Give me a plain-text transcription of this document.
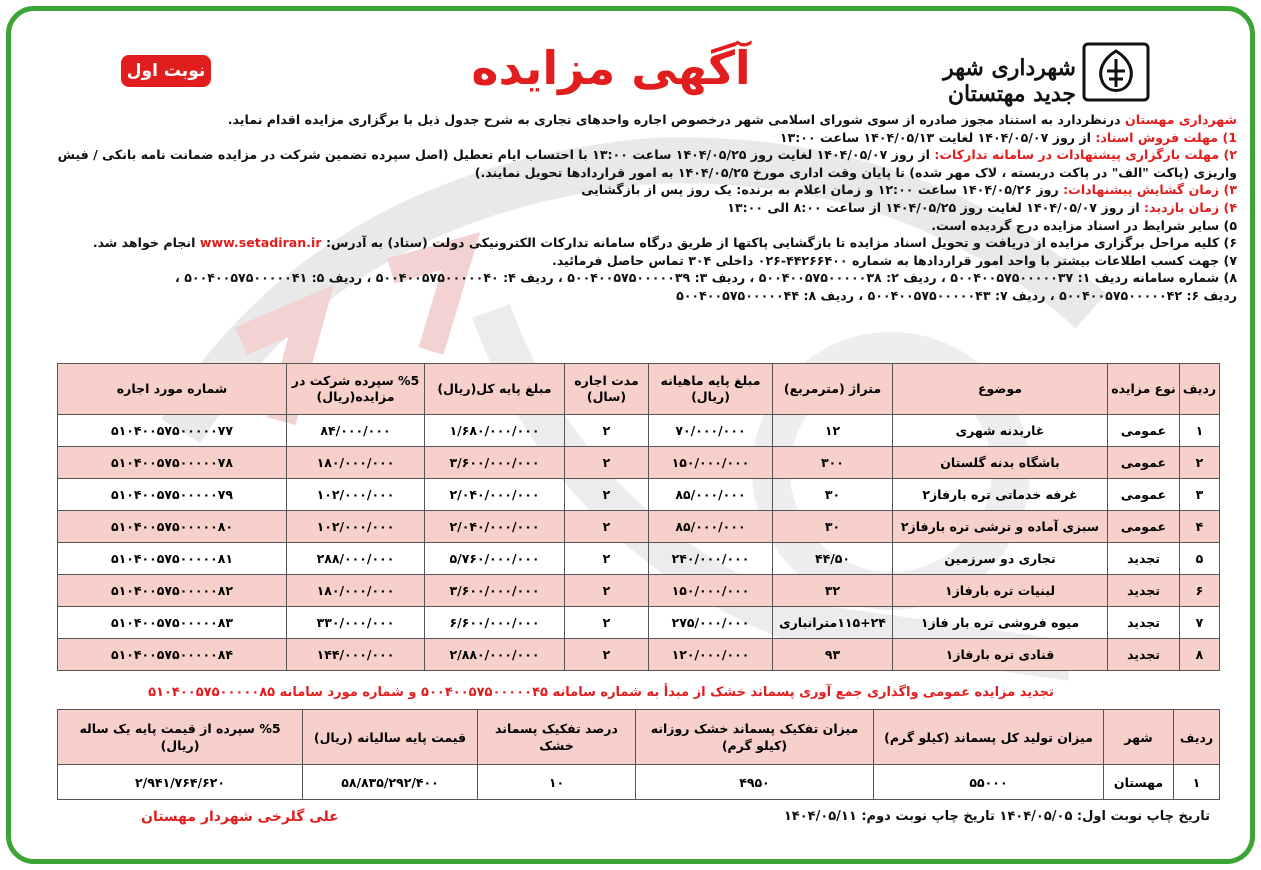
نوبت اول	آگهی مزایده	شهرداری شهر جدید مهتستان

شهرداری مهستان درنظردارد به استناد مجوز صادره از سوی شورای اسلامی شهر درخصوص اجاره واحدهای تجاری به شرح جدول ذیل با برگزاری مزایده اقدام نماید.

1) مهلت فروش اسناد: از روز ۱۴۰۴/۰۵/۰۷ لغایت ۱۴۰۴/۰۵/۱۳ ساعت ۱۳:۰۰

۲) مهلت بارگزاری پیشنهادات در سامانه تدارکات: از روز ۱۴۰۴/۰۵/۰۷ لغایت روز ۱۴۰۴/۰۵/۲۵ ساعت ۱۳:۰۰ با احتساب ایام تعطیل (اصل سپرده تضمین شرکت در مزایده ضمانت نامه بانکی / فیش

واریزی (پاکت "الف" در پاکت دربسته ، لاک مهر شده) تا پایان وقت اداری مورخ ۱۴۰۴/۰۵/۲۵ به امور قراردادها تحویل نمایند.)

۳) زمان گشایش پیشنهادات: روز ۱۴۰۴/۰۵/۲۶ ساعت ۱۲:۰۰ و زمان اعلام به برنده: یک روز پس از بازگشایی

۴) زمان بازدید: از روز ۱۴۰۴/۰۵/۰۷ لغایت روز ۱۴۰۴/۰۵/۲۵ از ساعت ۸:۰۰ الی ۱۳:۰۰

۵) سایر شرایط در اسناد مزایده درج گردیده است.

۶) کلیه مراحل برگزاری مزایده از دریافت و تحویل اسناد مزایده تا بازگشایی پاکتها از طریق درگاه سامانه تدارکات الکترونیکی دولت (ستاد) به آدرس: www.setadiran.ir انجام خواهد شد.

۷) جهت کسب اطلاعات بیشتر با واحد امور قراردادها به شماره ۴۴۲۶۶۴۰۰-۰۲۶ داخلی ۳۰۴ تماس حاصل فرمائید.

۸) شماره سامانه ردیف ۱: ۵۰۰۴۰۰۵۷۵۰۰۰۰۰۳۷ ، ردیف ۲: ۵۰۰۴۰۰۵۷۵۰۰۰۰۰۳۸ ، ردیف ۳: ۵۰۰۴۰۰۵۷۵۰۰۰۰۰۳۹ ، ردیف ۴: ۵۰۰۴۰۰۵۷۵۰۰۰۰۰۴۰ ، ردیف ۵: ۵۰۰۴۰۰۵۷۵۰۰۰۰۰۴۱ ،

ردیف ۶: ۵۰۰۴۰۰۵۷۵۰۰۰۰۰۴۲ ، ردیف ۷: ۵۰۰۴۰۰۵۷۵۰۰۰۰۰۴۳ ، ردیف ۸: ۵۰۰۴۰۰۵۷۵۰۰۰۰۰۴۴

ردیف	نوع مزایده	موضوع	متراژ (مترمربع)	مبلغ پایه ماهیانه (ریال)	مدت اجاره (سال)	مبلغ پایه کل(ریال)	%5 سپرده شرکت در مزایده(ریال)	شماره مورد اجاره
۱	عمومی	غاربدنه شهری	۱۲	۷۰/۰۰۰/۰۰۰	۲	۱/۶۸۰/۰۰۰/۰۰۰	۸۴/۰۰۰/۰۰۰	۵۱۰۴۰۰۵۷۵۰۰۰۰۰۷۷
۲	عمومی	باشگاه بدنه گلستان	۳۰۰	۱۵۰/۰۰۰/۰۰۰	۲	۳/۶۰۰/۰۰۰/۰۰۰	۱۸۰/۰۰۰/۰۰۰	۵۱۰۴۰۰۵۷۵۰۰۰۰۰۷۸
۳	عمومی	غرفه خدماتی تره بارفاز۲	۳۰	۸۵/۰۰۰/۰۰۰	۲	۲/۰۴۰/۰۰۰/۰۰۰	۱۰۲/۰۰۰/۰۰۰	۵۱۰۴۰۰۵۷۵۰۰۰۰۰۷۹
۴	عمومی	سبزی آماده و ترشی تره بارفاز۲	۳۰	۸۵/۰۰۰/۰۰۰	۲	۲/۰۴۰/۰۰۰/۰۰۰	۱۰۲/۰۰۰/۰۰۰	۵۱۰۴۰۰۵۷۵۰۰۰۰۰۸۰
۵	تجدید	تجاری دو سرزمین	۴۴/۵۰	۲۴۰/۰۰۰/۰۰۰	۲	۵/۷۶۰/۰۰۰/۰۰۰	۲۸۸/۰۰۰/۰۰۰	۵۱۰۴۰۰۵۷۵۰۰۰۰۰۸۱
۶	تجدید	لبنیات تره بارفاز۱	۳۲	۱۵۰/۰۰۰/۰۰۰	۲	۳/۶۰۰/۰۰۰/۰۰۰	۱۸۰/۰۰۰/۰۰۰	۵۱۰۴۰۰۵۷۵۰۰۰۰۰۸۲
۷	تجدید	میوه فروشی تره بار فاز۱	۱۱۵+۲۴مترانباری	۲۷۵/۰۰۰/۰۰۰	۲	۶/۶۰۰/۰۰۰/۰۰۰	۳۳۰/۰۰۰/۰۰۰	۵۱۰۴۰۰۵۷۵۰۰۰۰۰۸۳
۸	تجدید	قنادی تره بارفاز۱	۹۳	۱۲۰/۰۰۰/۰۰۰	۲	۲/۸۸۰/۰۰۰/۰۰۰	۱۴۴/۰۰۰/۰۰۰	۵۱۰۴۰۰۵۷۵۰۰۰۰۰۸۴
تجدید مزایده عمومی واگذاری جمع آوری پسماند خشک از مبدأ به شماره سامانه ۵۰۰۴۰۰۵۷۵۰۰۰۰۰۴۵ و شماره مورد سامانه ۵۱۰۴۰۰۵۷۵۰۰۰۰۰۸۵
ردیف	شهر	میزان تولید کل پسماند (کیلو گرم)	میزان تفکیک پسماند خشک روزانه (کیلو گرم)	درصد تفکیک پسماند خشک	قیمت پایه سالیانه (ریال)	%5 سپرده از قیمت پایه یک ساله (ریال)
۱	مهستان	۵۵۰۰۰	۴۹۵۰	۱۰	۵۸/۸۳۵/۲۹۲/۴۰۰	۲/۹۴۱/۷۶۴/۶۲۰
علی گلرخی شهردار مهستان	تاریخ چاپ نوبت اول: ۱۴۰۴/۰۵/۰۵ تاریخ چاپ نوبت دوم: ۱۴۰۴/۰۵/۱۱
